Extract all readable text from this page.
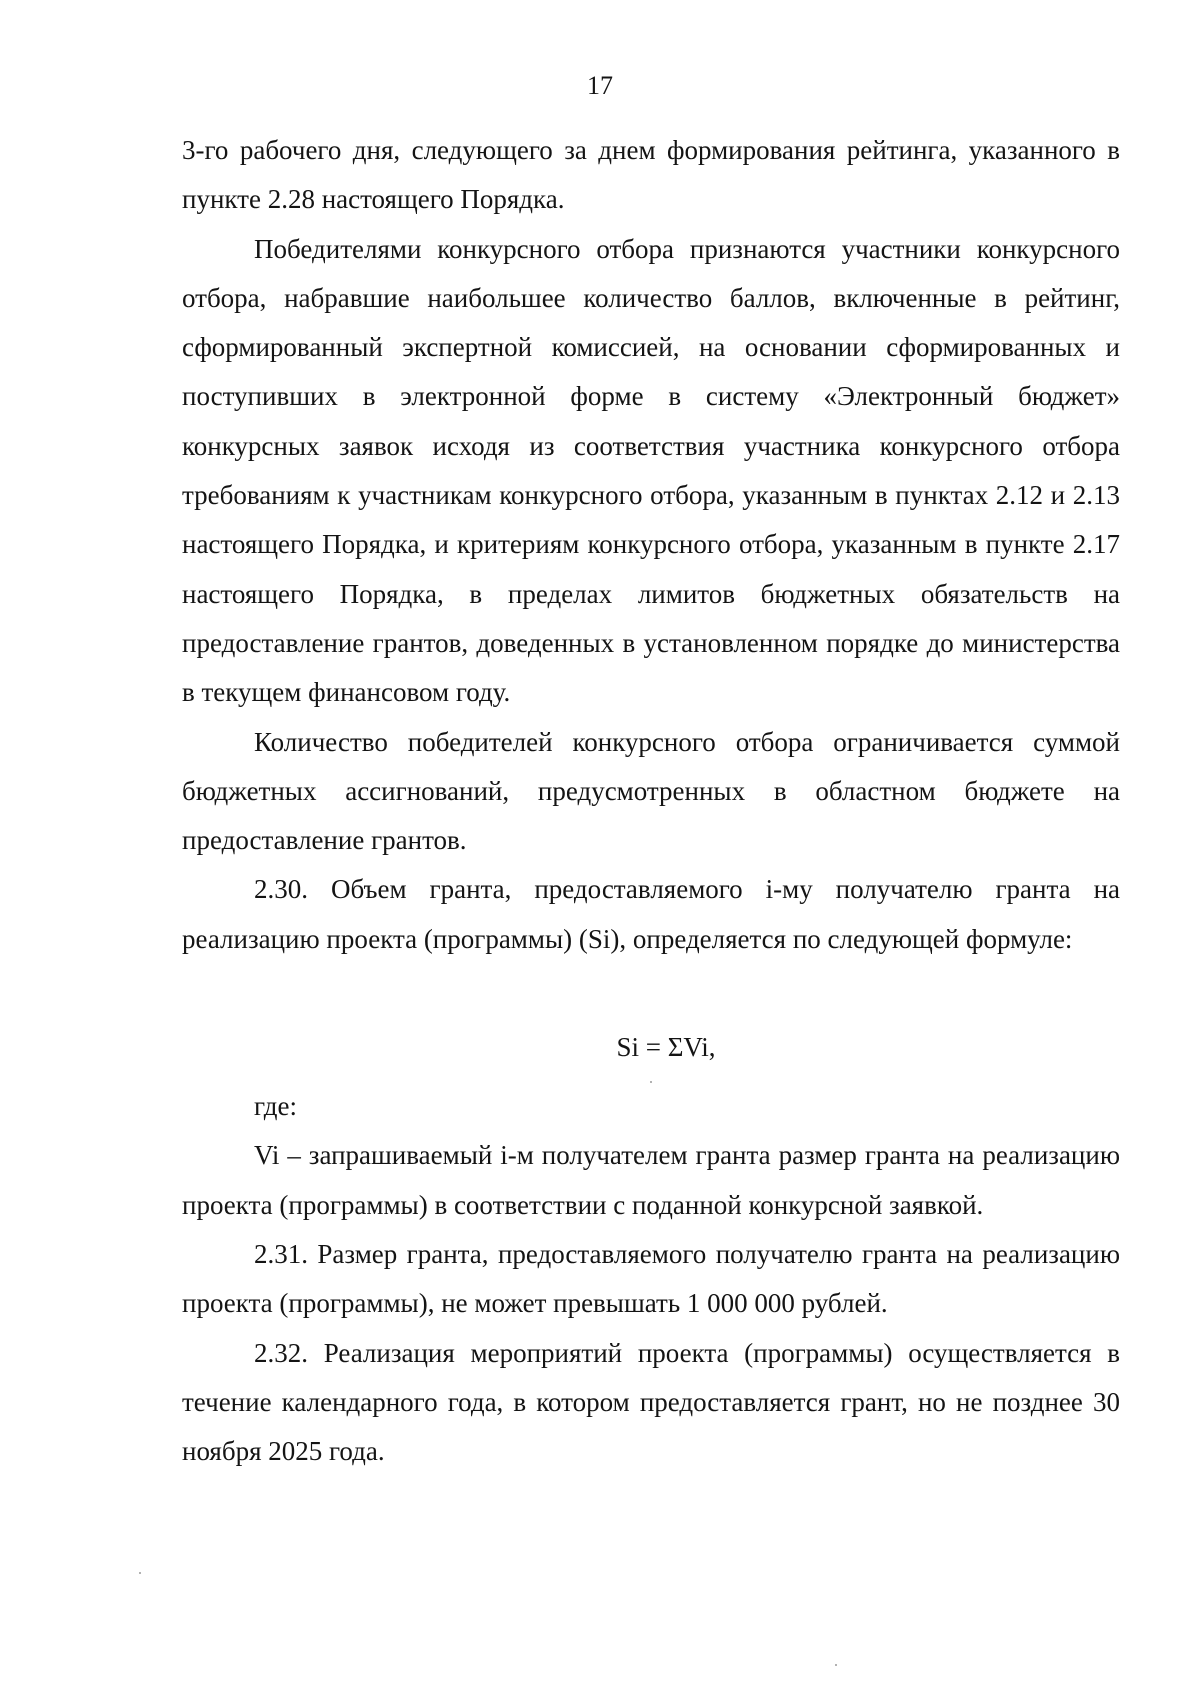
17

3-го рабочего дня, следующего за днем формирования рейтинга, указанного в пункте 2.28 настоящего Порядка.

Победителями конкурсного отбора признаются участники конкурсного отбора, набравшие наибольшее количество баллов, включенные в рейтинг, сформированный экспертной комиссией, на основании сформированных и поступивших в электронной форме в систему «Электронный бюджет» конкурсных заявок исходя из соответствия участника конкурсного отбора требованиям к участникам конкурсного отбора, указанным в пунктах 2.12 и 2.13 настоящего Порядка, и критериям конкурсного отбора, указанным в пункте 2.17 настоящего Порядка, в пределах лимитов бюджетных обязательств на предоставление грантов, доведенных в установленном порядке до министерства в текущем финансовом году.

Количество победителей конкурсного отбора ограничивается суммой бюджетных ассигнований, предусмотренных в областном бюджете на предоставление грантов.

2.30. Объем гранта, предоставляемого i-му получателю гранта на реализацию проекта (программы) (Si), определяется по следующей формуле:

Si = ΣVi,

где:

Vi – запрашиваемый i-м получателем гранта размер гранта на реализацию проекта (программы) в соответствии с поданной конкурсной заявкой.

2.31. Размер гранта, предоставляемого получателю гранта на реализацию проекта (программы), не может превышать 1 000 000 рублей.

2.32. Реализация мероприятий проекта (программы) осуществляется в течение календарного года, в котором предоставляется грант, но не позднее 30 ноября 2025 года.
